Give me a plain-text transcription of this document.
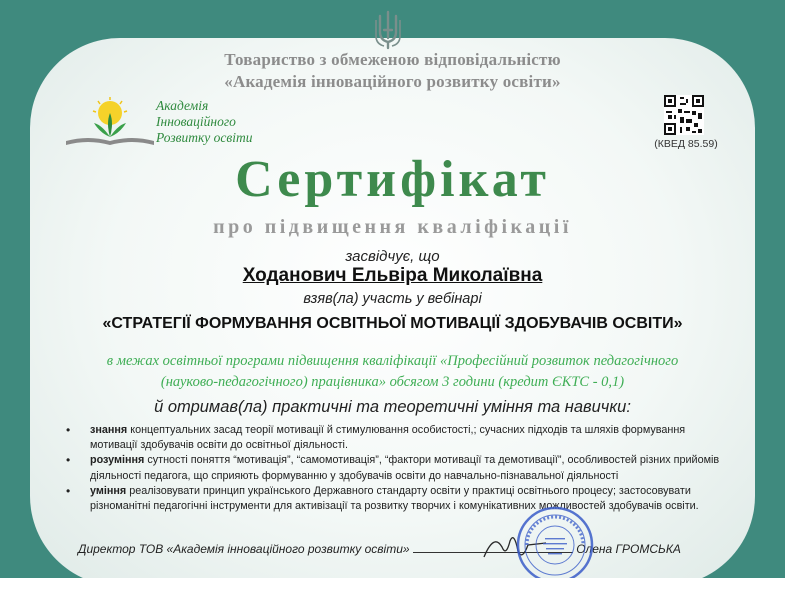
Товариство з обмеженою відповідальністю
«Академія інноваційного розвитку освіти»
Академія
Інноваційного
Розвитку освіти	(КВЕД 85.59)
Сертифікат
про підвищення кваліфікації
засвідчує, що
Ходанович Ельвіра Миколаївна
взяв(ла) участь у вебінарі
«СТРАТЕГІЇ ФОРМУВАННЯ ОСВІТНЬОЇ МОТИВАЦІЇ ЗДОБУВАЧІВ ОСВІТИ»
в межах освітньої програми підвищення кваліфікації «Професійний розвиток педагогічного
(науково-педагогічного) працівника» обсягом 3 години (кредит ЄКТС - 0,1)
й отримав(ла) практичні та теоретичні уміння та навички:
• знання концептуальних засад теорії мотивації й стимулювання особистості,; сучасних підходів та шляхів формування мотивації здобувачів освіти до освітньої діяльності.
• розуміння сутності поняття “мотивація”, “самомотивація”, “фактори мотивації та демотивації”, особливостей різних прийомів діяльності педагога, що сприяють формуванню у здобувачів освіти до навчально-пізнавальної діяльності
• уміння реалізовувати принцип українського Державного стандарту освіти у практиці освітнього процесу; застосовувати різноманітні педагогічні інструменти для активізації та розвитку творчих і комунікативних можливостей здобувачів освіти.
Директор ТОВ «Академія інноваційного розвитку освіти»	Олена ГРОМСЬКА
